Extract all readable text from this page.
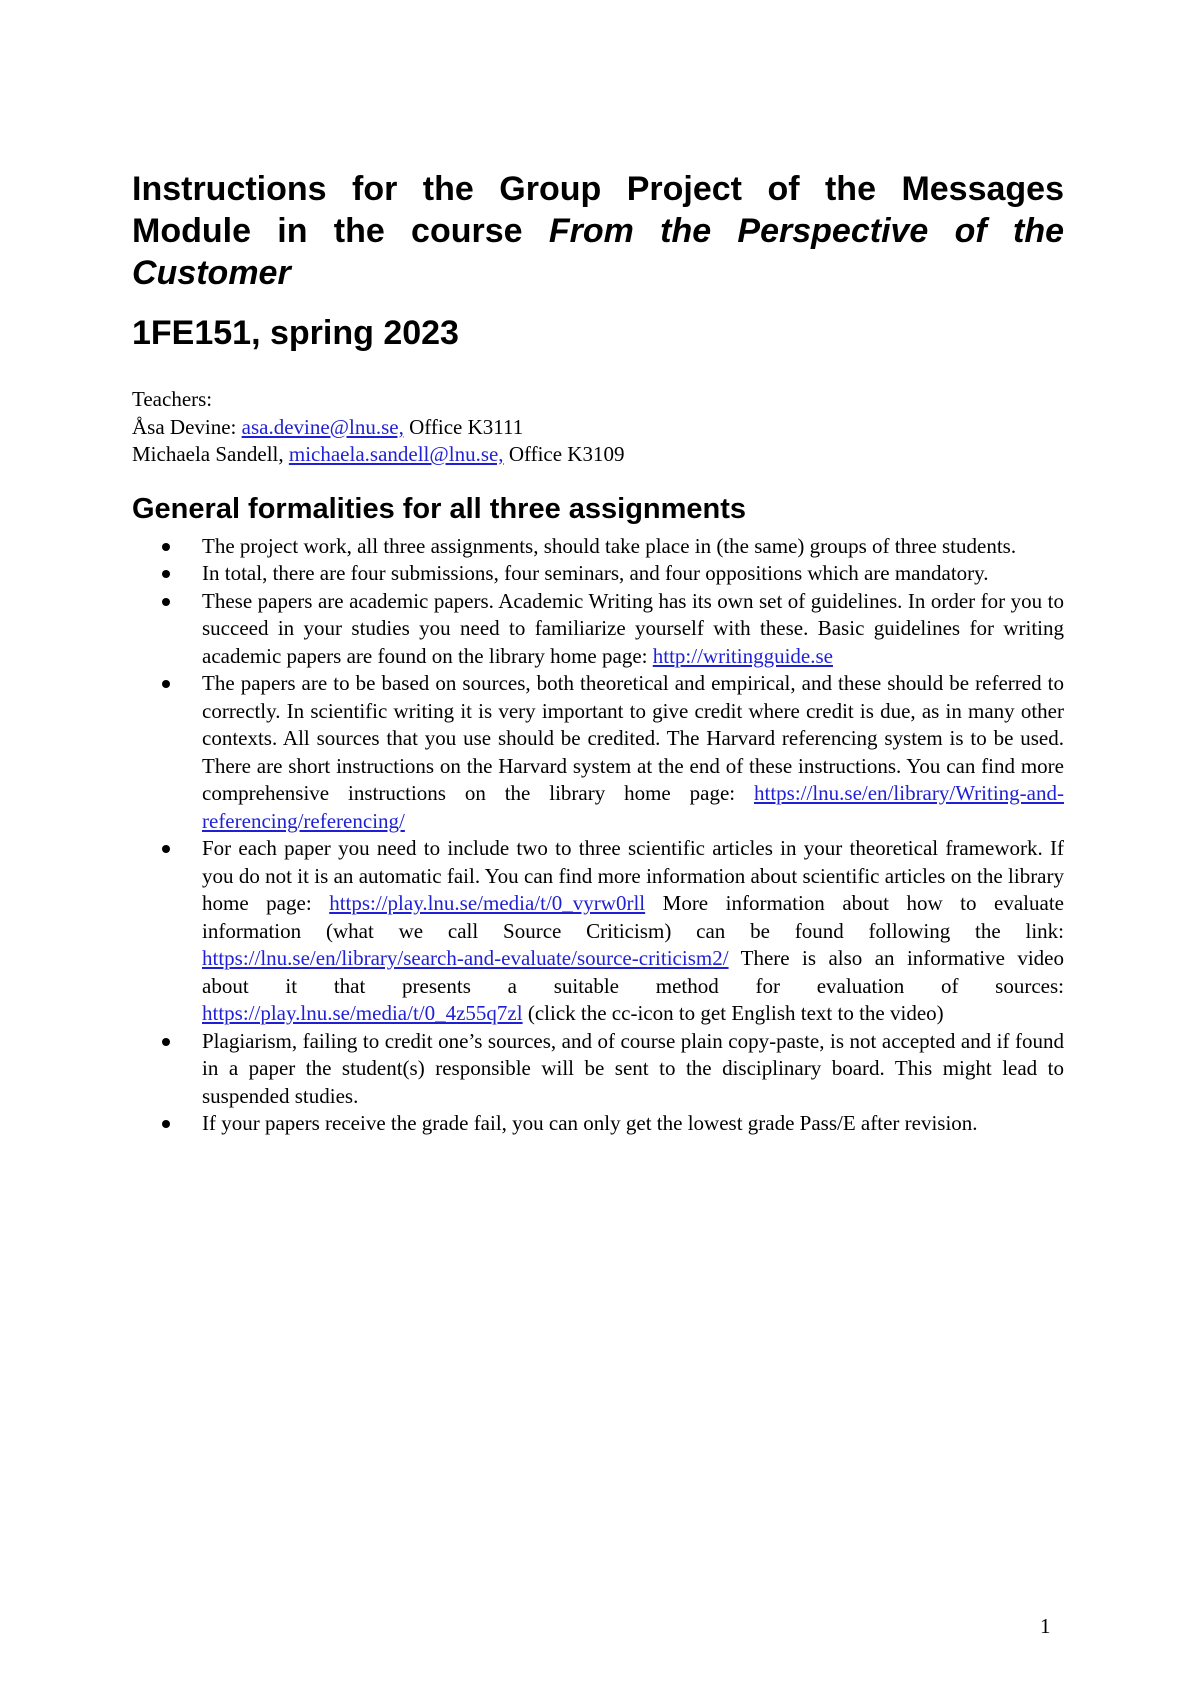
Instructions for the Group Project of the Messages Module in the course From the Perspective of the Customer
1FE151, spring 2023
Teachers:
Åsa Devine: asa.devine@lnu.se, Office K3111
Michaela Sandell, michaela.sandell@lnu.se, Office K3109
General formalities for all three assignments
The project work, all three assignments, should take place in (the same) groups of three students.
In total, there are four submissions, four seminars, and four oppositions which are mandatory.
These papers are academic papers. Academic Writing has its own set of guidelines. In order for you to succeed in your studies you need to familiarize yourself with these. Basic guidelines for writing academic papers are found on the library home page: http://writingguide.se
The papers are to be based on sources, both theoretical and empirical, and these should be referred to correctly. In scientific writing it is very important to give credit where credit is due, as in many other contexts. All sources that you use should be credited. The Harvard referencing system is to be used. There are short instructions on the Harvard system at the end of these instructions. You can find more comprehensive instructions on the library home page: https://lnu.se/en/library/Writing-and-referencing/referencing/
For each paper you need to include two to three scientific articles in your theoretical framework. If you do not it is an automatic fail. You can find more information about scientific articles on the library home page: https://play.lnu.se/media/t/0_vyrw0rll More information about how to evaluate information (what we call Source Criticism) can be found following the link: https://lnu.se/en/library/search-and-evaluate/source-criticism2/ There is also an informative video about it that presents a suitable method for evaluation of sources: https://play.lnu.se/media/t/0_4z55q7zl (click the cc-icon to get English text to the video)
Plagiarism, failing to credit one’s sources, and of course plain copy-paste, is not accepted and if found in a paper the student(s) responsible will be sent to the disciplinary board. This might lead to suspended studies.
If your papers receive the grade fail, you can only get the lowest grade Pass/E after revision.
1
